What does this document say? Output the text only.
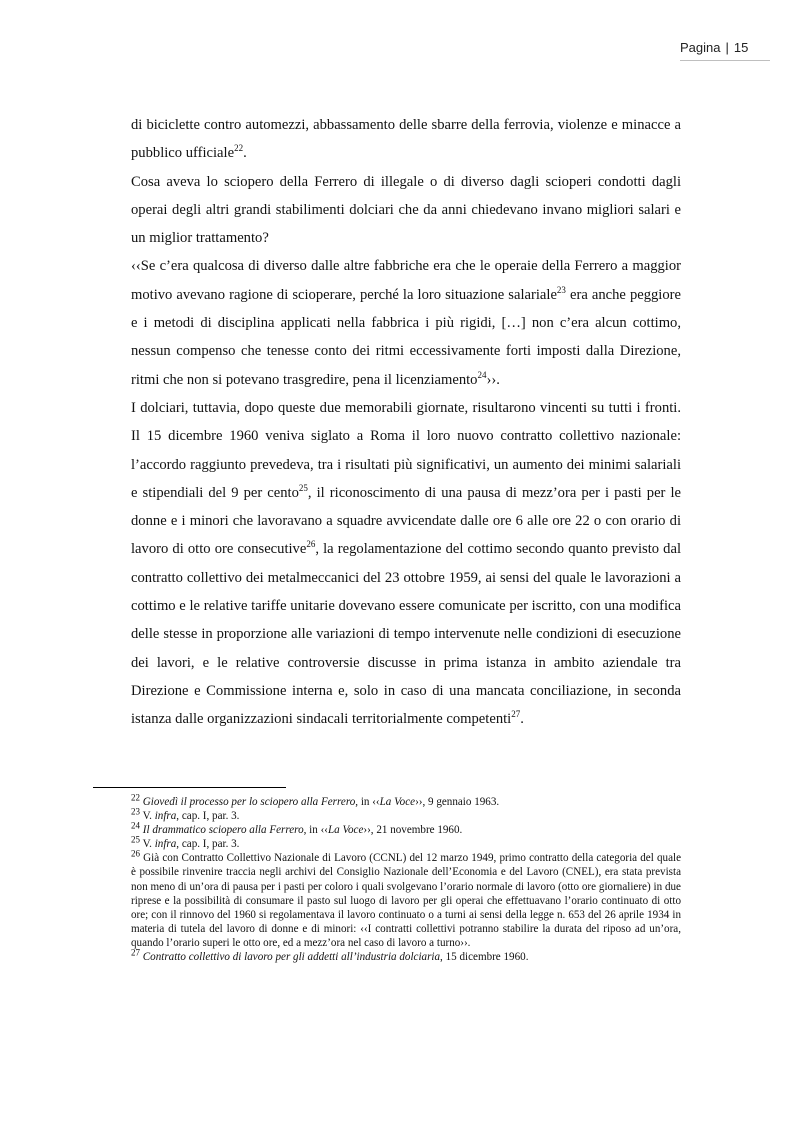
Pagina | 15

di biciclette contro automezzi, abbassamento delle sbarre della ferrovia, violenze e minacce a pubblico ufficiale$^{22}$.

Cosa aveva lo sciopero della Ferrero di illegale o di diverso dagli scioperi condotti dagli operai degli altri grandi stabilimenti dolciari che da anni chiedevano invano migliori salari e un miglior trattamento?

‹‹Se c’era qualcosa di diverso dalle altre fabbriche era che le operaie della Ferrero a maggior motivo avevano ragione di scioperare, perché la loro situazione salariale$^{23}$ era anche peggiore e i metodi di disciplina applicati nella fabbrica i più rigidi, […] non c’era alcun cottimo, nessun compenso che tenesse conto dei ritmi eccessivamente forti imposti dalla Direzione, ritmi che non si potevano trasgredire, pena il licenziamento$^{24}$››.

I dolciari, tuttavia, dopo queste due memorabili giornate, risultarono vincenti su tutti i fronti. Il 15 dicembre 1960 veniva siglato a Roma il loro nuovo contratto collettivo nazionale: l’accordo raggiunto prevedeva, tra i risultati più significativi, un aumento dei minimi salariali e stipendiali del 9 per cento$^{25}$, il riconoscimento di una pausa di mezz’ora per i pasti per le donne e i minori che lavoravano a squadre avvicendate dalle ore 6 alle ore 22 o con orario di lavoro di otto ore consecutive$^{26}$, la regolamentazione del cottimo secondo quanto previsto dal contratto collettivo dei metalmeccanici del 23 ottobre 1959, ai sensi del quale le lavorazioni a cottimo e le relative tariffe unitarie dovevano essere comunicate per iscritto, con una modifica delle stesse in proporzione alle variazioni di tempo intervenute nelle condizioni di esecuzione dei lavori, e le relative controversie discusse in prima istanza in ambito aziendale tra Direzione e Commissione interna e, solo in caso di una mancata conciliazione, in seconda istanza dalle organizzazioni sindacali territorialmente competenti$^{27}$.

$^{22}$ Giovedì il processo per lo sciopero alla Ferrero, in ‹‹La Voce››, 9 gennaio 1963.

$^{23}$ V. infra, cap. I, par. 3.

$^{24}$ Il drammatico sciopero alla Ferrero, in ‹‹La Voce››, 21 novembre 1960.

$^{25}$ V. infra, cap. I, par. 3.

$^{26}$ Già con Contratto Collettivo Nazionale di Lavoro (CCNL) del 12 marzo 1949, primo contratto della categoria del quale è possibile rinvenire traccia negli archivi del Consiglio Nazionale dell’Economia e del Lavoro (CNEL), era stata prevista non meno di un’ora di pausa per i pasti per coloro i quali svolgevano l’orario normale di lavoro (otto ore giornaliere) in due riprese e la possibilità di consumare il pasto sul luogo di lavoro per gli operai che effettuavano l’orario continuato di otto ore; con il rinnovo del 1960 si regolamentava il lavoro continuato o a turni ai sensi della legge n. 653 del 26 aprile 1934 in materia di tutela del lavoro di donne e di minori: ‹‹I contratti collettivi potranno stabilire la durata del riposo ad un’ora, quando l’orario superi le otto ore, ed a mezz’ora nel caso di lavoro a turno››.

$^{27}$ Contratto collettivo di lavoro per gli addetti all’industria dolciaria, 15 dicembre 1960.
